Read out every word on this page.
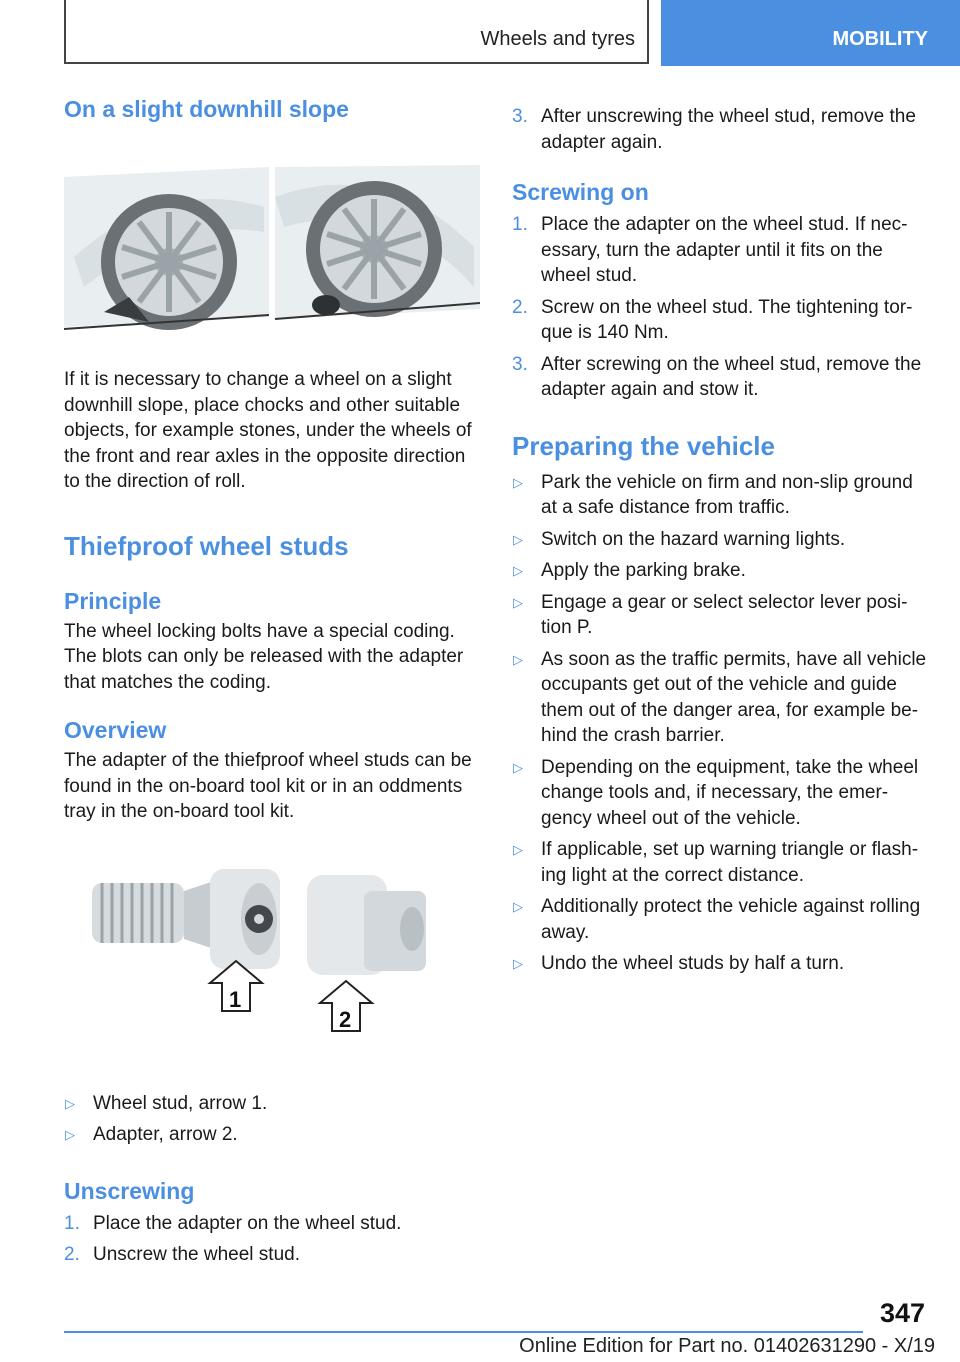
Wheels and tyres	MOBILITY
On a slight downhill slope

If it is necessary to change a wheel on a slight downhill slope, place chocks and other suitable objects, for example stones, under the wheels of the front and rear axles in the opposite direction to the direction of roll.

Thiefproof wheel studs
Principle

The wheel locking bolts have a special coding. The blots can only be released with the adapter that matches the coding.

Overview

The adapter of the thiefproof wheel studs can be found in the on-board tool kit or in an oddments tray in the on-board tool kit.

1
2
▷ Wheel stud, arrow 1.
▷ Adapter, arrow 2.
Unscrewing
1. Place the adapter on the wheel stud.
2. Unscrew the wheel stud.
3. After unscrewing the wheel stud, remove the adapter again.
Screwing on
1. Place the adapter on the wheel stud. If nec‐ essary, turn the adapter until it fits on the wheel stud.
2. Screw on the wheel stud. The tightening tor‐ que is 140 Nm.
3. After screwing on the wheel stud, remove the adapter again and stow it.
Preparing the vehicle
▷ Park the vehicle on firm and non-slip ground at a safe distance from traffic.
▷ Switch on the hazard warning lights.
▷ Apply the parking brake.
▷ Engage a gear or select selector lever posi‐ tion P.
▷ As soon as the traffic permits, have all vehicle occupants get out of the vehicle and guide them out of the danger area, for example be‐ hind the crash barrier.
▷ Depending on the equipment, take the wheel change tools and, if necessary, the emer‐ gency wheel out of the vehicle.
▷ If applicable, set up warning triangle or flash‐ ing light at the correct distance.
▷ Additionally protect the vehicle against rolling away.
▷ Undo the wheel studs by half a turn.
347
Online Edition for Part no. 01402631290 - X/19
